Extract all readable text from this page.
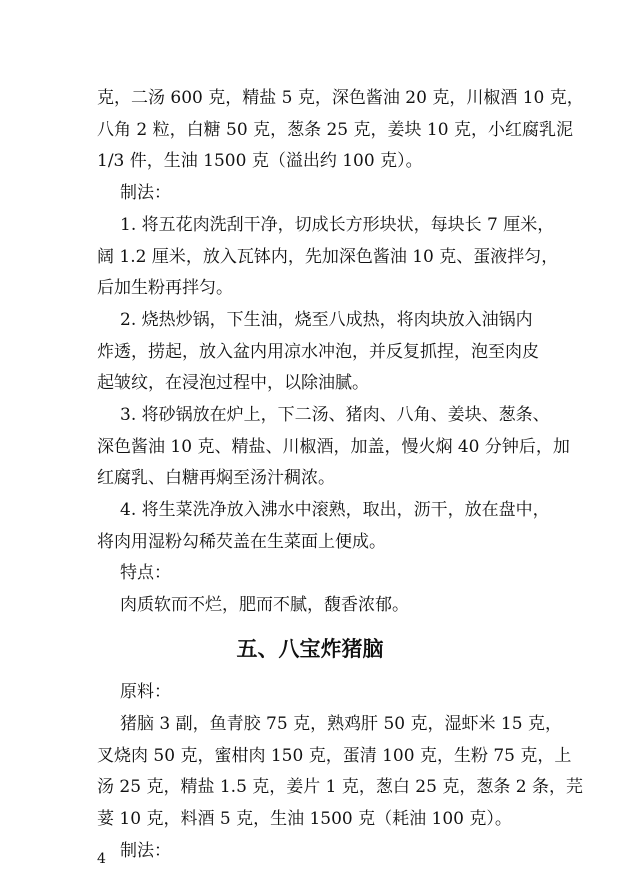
克，二汤 600 克，精盐 5 克，深色酱油 20 克，川椒酒 10 克，
八角 2 粒，白糖 50 克，葱条 25 克，姜块 10 克，小红腐乳泥
1/3 件，生油 1500 克（溢出约 100 克）。
制法：
1. 将五花肉洗刮干净，切成长方形块状，每块长 7 厘米，
阔 1.2 厘米，放入瓦钵内，先加深色酱油 10 克、蛋液拌匀，
后加生粉再拌匀。
2. 烧热炒锅，下生油，烧至八成热，将肉块放入油锅内
炸透，捞起，放入盆内用凉水冲泡，并反复抓捏，泡至肉皮
起皱纹，在浸泡过程中，以除油腻。
3. 将砂锅放在炉上，下二汤、猪肉、八角、姜块、葱条、
深色酱油 10 克、精盐、川椒酒，加盖，慢火焖 40 分钟后，加
红腐乳、白糖再焖至汤汁稠浓。
4. 将生菜洗净放入沸水中滚熟，取出，沥干，放在盘中，
将肉用湿粉勾稀芡盖在生菜面上便成。
特点：
肉质软而不烂，肥而不腻，馥香浓郁。
五、八宝炸猪脑
原料：
猪脑 3 副，鱼青胶 75 克，熟鸡肝 50 克，湿虾米 15 克，
叉烧肉 50 克，蜜柑肉 150 克，蛋清 100 克，生粉 75 克，上
汤 25 克，精盐 1.5 克，姜片 1 克，葱白 25 克，葱条 2 条，芫
荽 10 克，料酒 5 克，生油 1500 克（耗油 100 克）。
制法：
4
